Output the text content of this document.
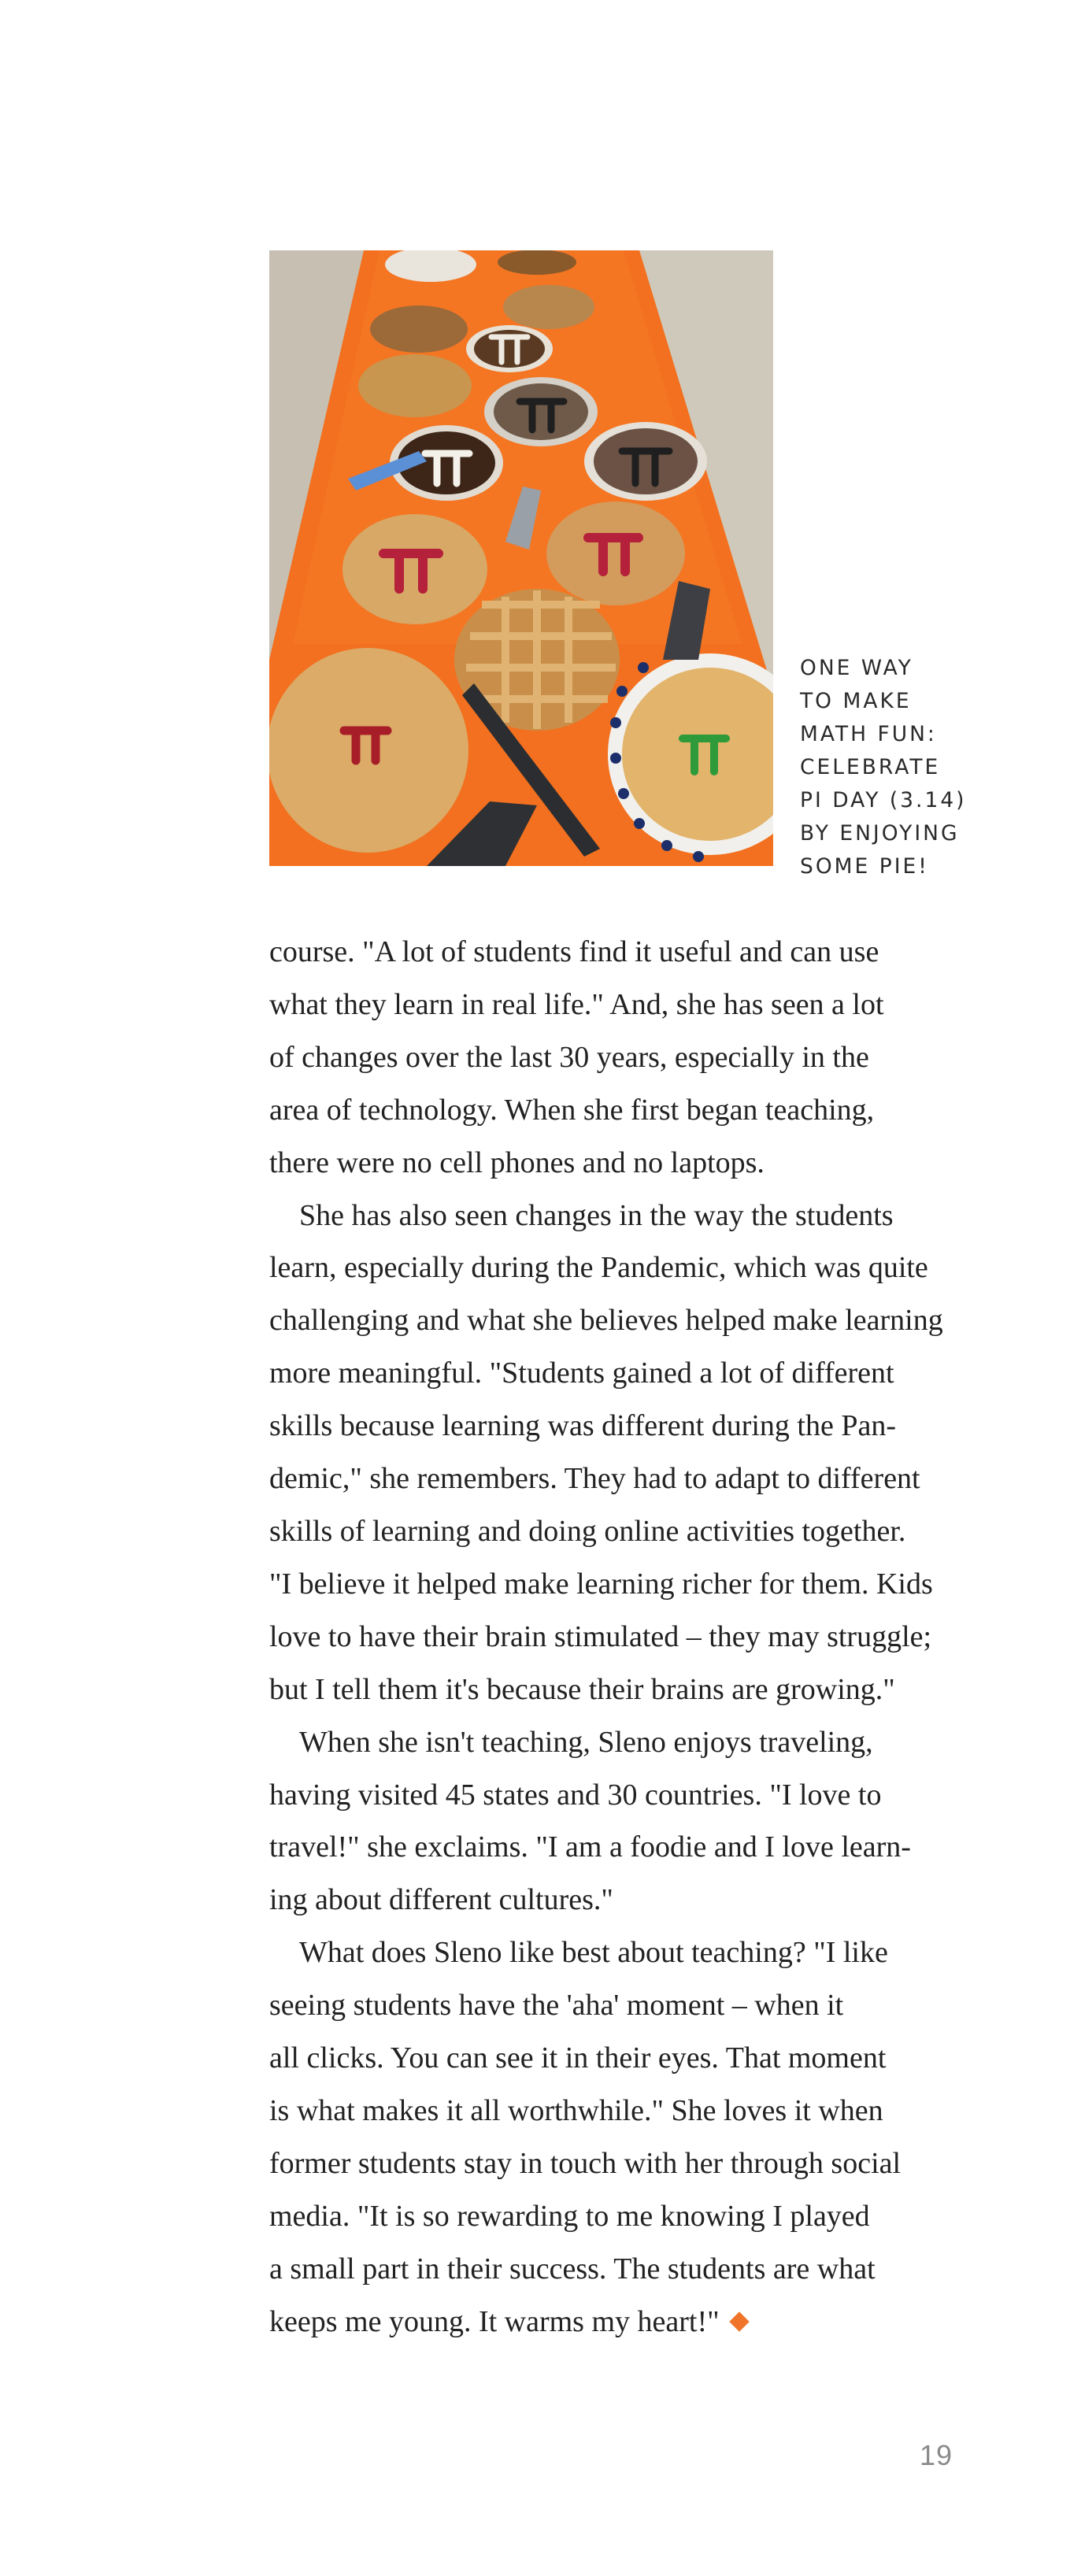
ONE WAY
TO MAKE
MATH FUN:
CELEBRATE
PI DAY (3.14)
BY ENJOYING
SOME PIE!

course. "A lot of students find it useful and can use
what they learn in real life." And, she has seen a lot
of changes over the last 30 years, especially in the
area of technology. When she first began teaching,
there were no cell phones and no laptops.

She has also seen changes in the way the students
learn, especially during the Pandemic, which was quite
challenging and what she believes helped make learning
more meaningful. "Students gained a lot of different
skills because learning was different during the Pan-
demic," she remembers. They had to adapt to different
skills of learning and doing online activities together.
"I believe it helped make learning richer for them. Kids
love to have their brain stimulated – they may struggle;
but I tell them it's because their brains are growing."

When she isn't teaching, Sleno enjoys traveling,
having visited 45 states and 30 countries. "I love to
travel!" she exclaims. "I am a foodie and I love learn-
ing about different cultures."

What does Sleno like best about teaching? "I like
seeing students have the 'aha' moment – when it
all clicks. You can see it in their eyes. That moment
is what makes it all worthwhile." She loves it when
former students stay in touch with her through social
media. "It is so rewarding to me knowing I played
a small part in their success. The students are what
keeps me young. It warms my heart!"

19
